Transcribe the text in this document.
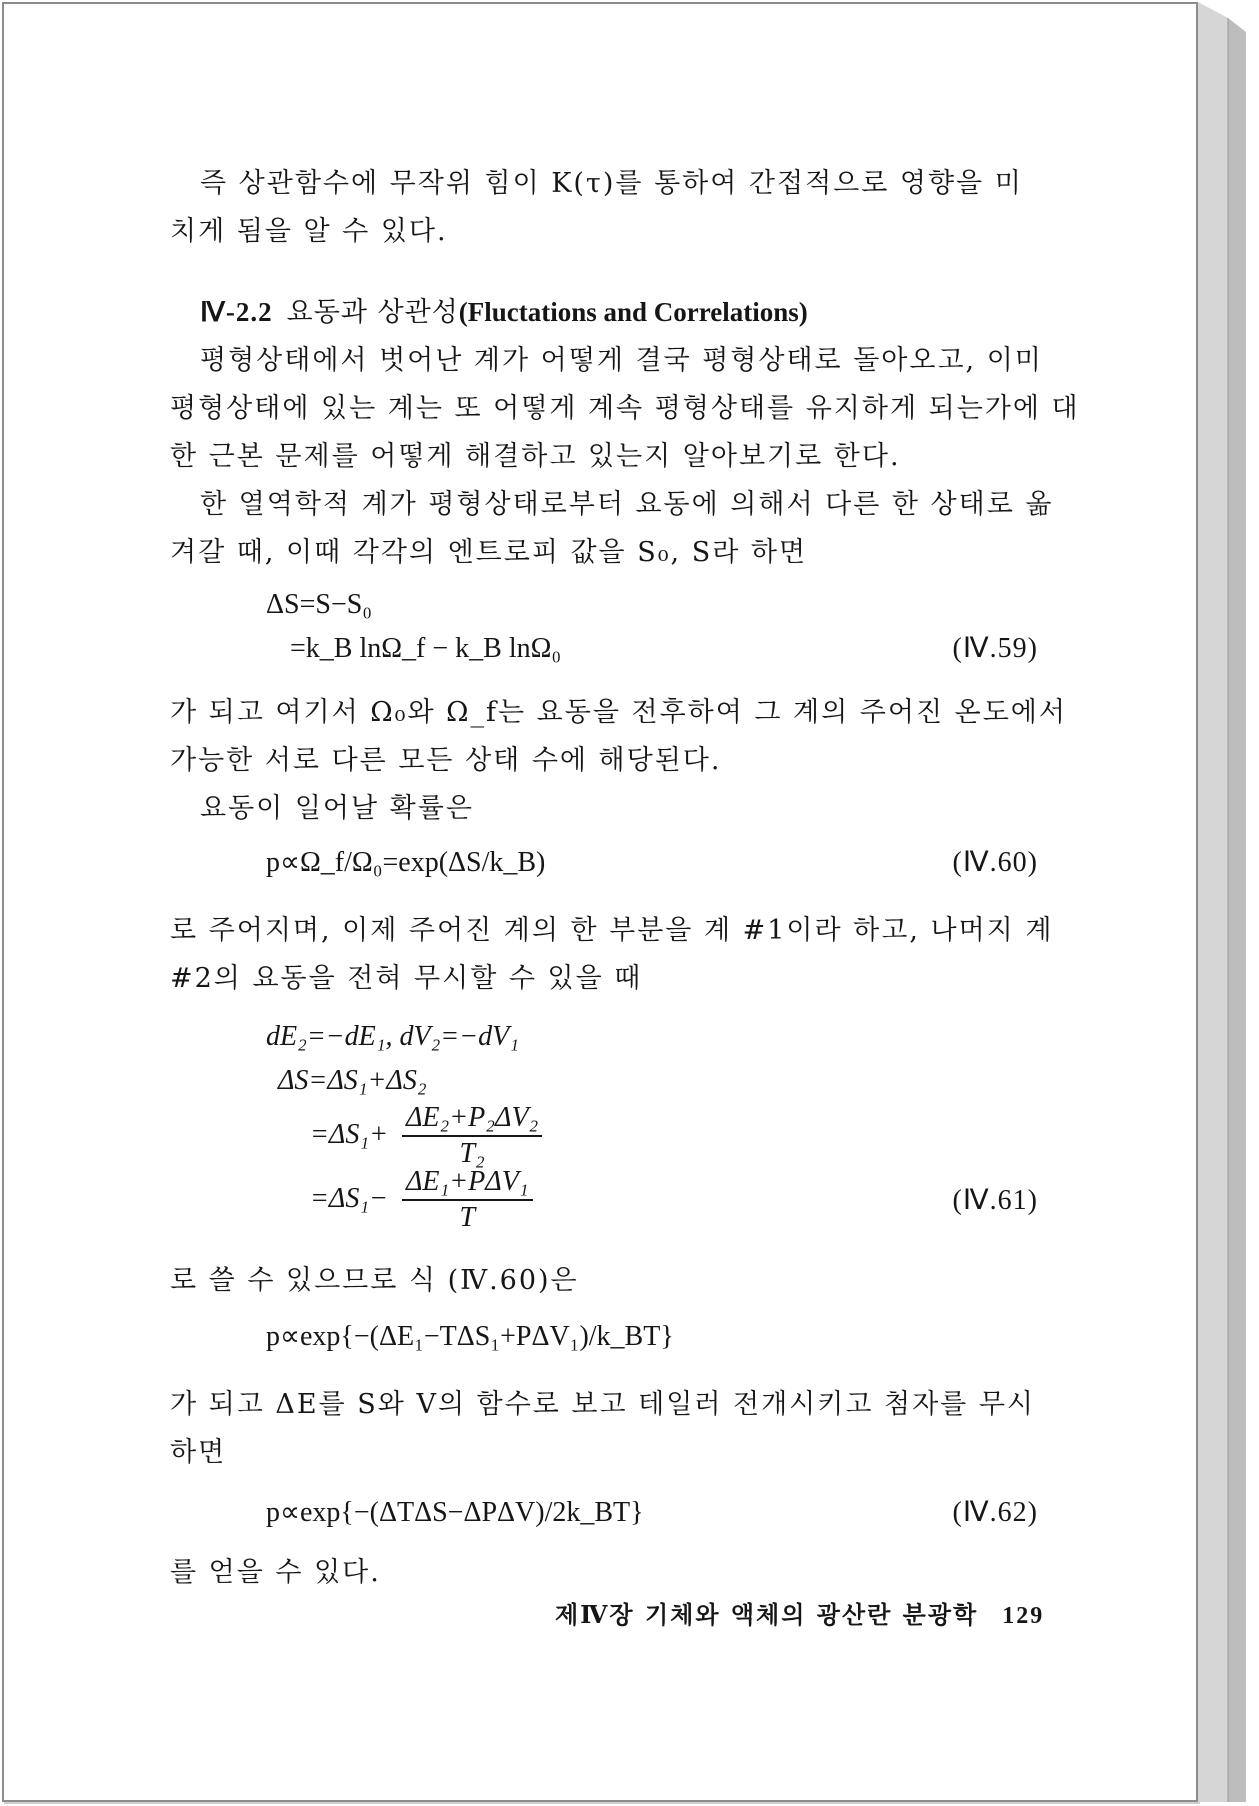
즉 상관함수에 무작위 힘이 K(τ)를 통하여 간접적으로 영향을 미

치게 됨을 알 수 있다.

Ⅳ-2.2 요동과 상관성(Fluctations and Correlations)

평형상태에서 벗어난 계가 어떻게 결국 평형상태로 돌아오고, 이미

평형상태에 있는 계는 또 어떻게 계속 평형상태를 유지하게 되는가에 대

한 근본 문제를 어떻게 해결하고 있는지 알아보기로 한다.

한 열역학적 계가 평형상태로부터 요동에 의해서 다른 한 상태로 옮

겨갈 때, 이때 각각의 엔트로피 값을 S₀, S라 하면

ΔS=S−S₀
=k_B lnΩ_f − k_B lnΩ₀	(Ⅳ.59)

가 되고 여기서 Ω₀와 Ω_f는 요동을 전후하여 그 계의 주어진 온도에서

가능한 서로 다른 모든 상태 수에 해당된다.

요동이 일어날 확률은

p∝Ω_f/Ω₀=exp(ΔS/k_B)	(Ⅳ.60)

로 주어지며, 이제 주어진 계의 한 부분을 계 #1이라 하고, 나머지 계

#2의 요동을 전혀 무시할 수 있을 때

dE₂=−dE₁, dV₂=−dV₁
ΔS=ΔS₁+ΔS₂
=ΔS₁+
ΔE₂+P₂ΔV₂
T₂
=ΔS₁−
ΔE₁+PΔV₁
T
(Ⅳ.61)

로 쓸 수 있으므로 식 (Ⅳ.60)은

p∝exp{−(ΔE₁−TΔS₁+PΔV₁)/k_BT}

가 되고 ΔE를 S와 V의 함수로 보고 테일러 전개시키고 첨자를 무시

하면

p∝exp{−(ΔTΔS−ΔPΔV)/2k_BT}	(Ⅳ.62)

를 얻을 수 있다.

제Ⅳ장 기체와 액체의 광산란 분광학 129
